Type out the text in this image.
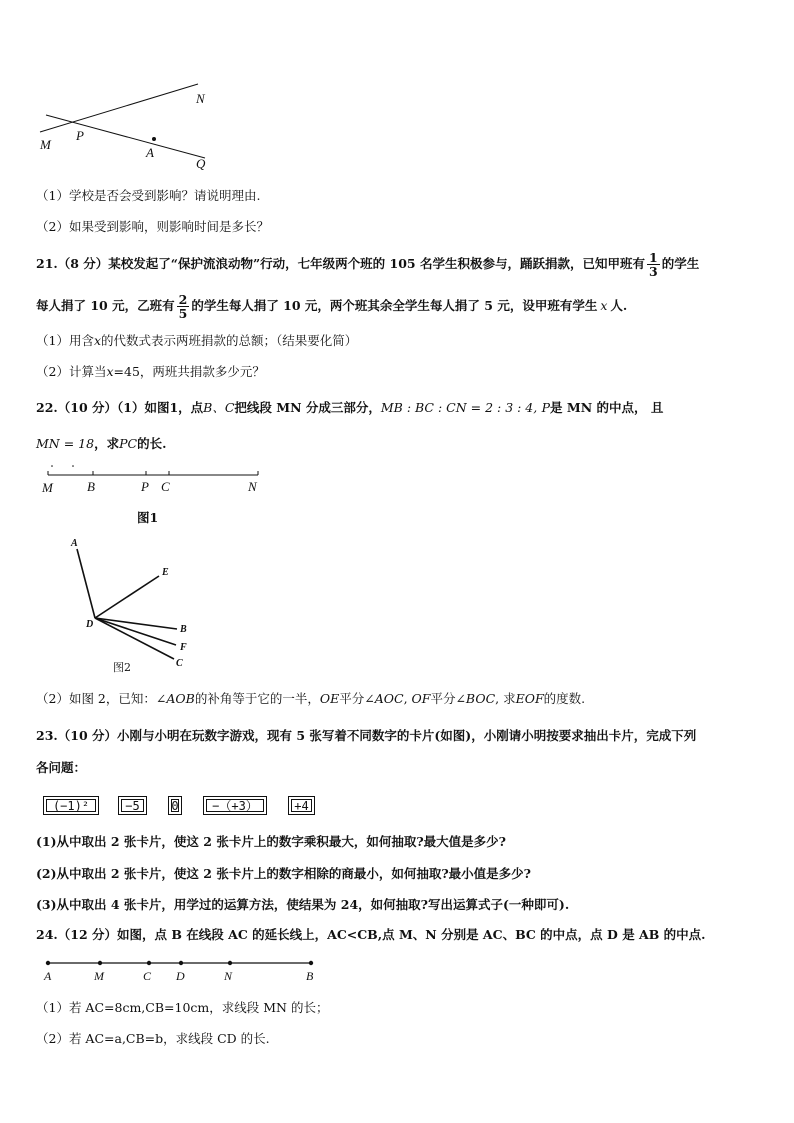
N
P
M
A
Q
（1）学校是否会受到影响？请说明理由.
（2）如果受到影响，则影响时间是多长？
21.（8 分）某校发起了“保护流浪动物”行动，七年级两个班的 105 名学生积极参与，踊跃捐款，已知甲班有 $\frac{1}{3}$ 的学生
每人捐了 10 元，乙班有 $\frac{2}{5}$ 的学生每人捐了 10 元，两个班其余全学生每人捐了 5 元，设甲班有学生 x 人.
（1）用含x的代数式表示两班捐款的总额；（结果要化简）
（2）计算当x=45，两班共捐款多少元？
22.（10 分）（1）如图1，点B、C把线段 MN 分成三部分，MB : BC : CN = 2 : 3 : 4, P是 MN 的中点， 且
MN = 18，求PC的长.
M	B	P C	N
图1
A
E
D	B
F
C
图2
（2）如图 2，已知：∠AOB的补角等于它的一半，OE平分∠AOC, OF平分∠BOC, 求EOF的度数.
23.（10 分）小刚与小明在玩数字游戏，现有 5 张写着不同数字的卡片(如图)，小刚请小明按要求抽出卡片，完成下列
各问题：
(−1)²	−5	0	−（+3）	+4
(1)从中取出 2 张卡片，使这 2 张卡片上的数字乘积最大，如何抽取?最大值是多少?
(2)从中取出 2 张卡片，使这 2 张卡片上的数字相除的商最小，如何抽取?最小值是多少?
(3)从中取出 4 张卡片，用学过的运算方法，使结果为 24，如何抽取?写出运算式子(一种即可).
24.（12 分）如图，点 B 在线段 AC 的延长线上，AC<CB,点 M、N 分别是 AC、BC 的中点，点 D 是 AB 的中点.
A	M	C D	N	B
（1）若 AC=8cm,CB=10cm，求线段 MN 的长；
（2）若 AC=a,CB=b，求线段 CD 的长.
